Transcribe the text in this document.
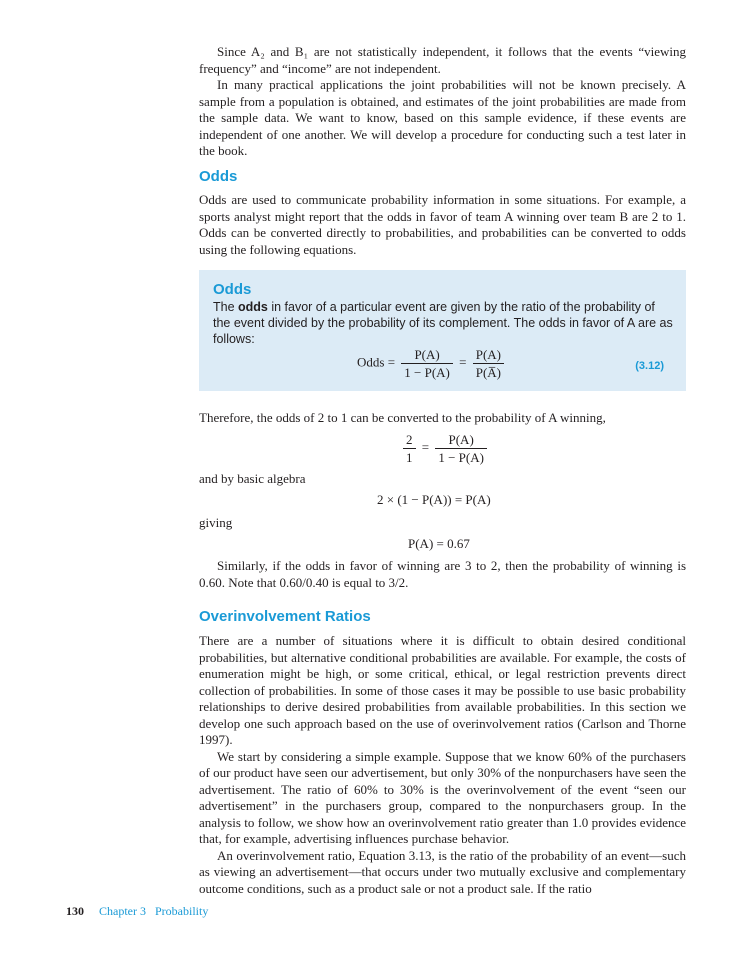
Since A₂ and B₁ are not statistically independent, it follows that the events “viewing frequency” and “income” are not independent.

In many practical applications the joint probabilities will not be known precisely. A sample from a population is obtained, and estimates of the joint probabilities are made from the sample data. We want to know, based on this sample evidence, if these events are independent of one another. We will develop a procedure for conducting such a test later in the book.

Odds

Odds are used to communicate probability information in some situations. For example, a sports analyst might report that the odds in favor of team A winning over team B are 2 to 1. Odds can be converted directly to probabilities, and probabilities can be converted to odds using the following equations.

Odds
The odds in favor of a particular event are given by the ratio of the probability of the event divided by the probability of its complement. The odds in favor of A are as follows:
Odds = $\frac{P(A)}{1 - P(A)} = \frac{P(A)}{P(A̅)}$	(3.12)

Therefore, the odds of 2 to 1 can be converted to the probability of A winning,

$\frac{2}{1} = \frac{P(A)}{1 - P(A)}$

and by basic algebra

2 × (1 − P(A)) = P(A)

giving

P(A) = 0.67

Similarly, if the odds in favor of winning are 3 to 2, then the probability of winning is 0.60. Note that 0.60/0.40 is equal to 3/2.

Overinvolvement Ratios

There are a number of situations where it is difficult to obtain desired conditional probabilities, but alternative conditional probabilities are available. For example, the costs of enumeration might be high, or some critical, ethical, or legal restriction prevents direct collection of probabilities. In some of those cases it may be possible to use basic probability relationships to derive desired probabilities from available probabilities. In this section we develop one such approach based on the use of overinvolvement ratios (Carlson and Thorne 1997).

We start by considering a simple example. Suppose that we know 60% of the purchasers of our product have seen our advertisement, but only 30% of the nonpurchasers have seen the advertisement. The ratio of 60% to 30% is the overinvolvement of the event “seen our advertisement” in the purchasers group, compared to the nonpurchasers group. In the analysis to follow, we show how an overinvolvement ratio greater than 1.0 provides evidence that, for example, advertising influences purchase behavior.

An overinvolvement ratio, Equation 3.13, is the ratio of the probability of an event—such as viewing an advertisement—that occurs under two mutually exclusive and complementary outcome conditions, such as a product sale or not a product sale. If the ratio

130 Chapter 3 Probability
